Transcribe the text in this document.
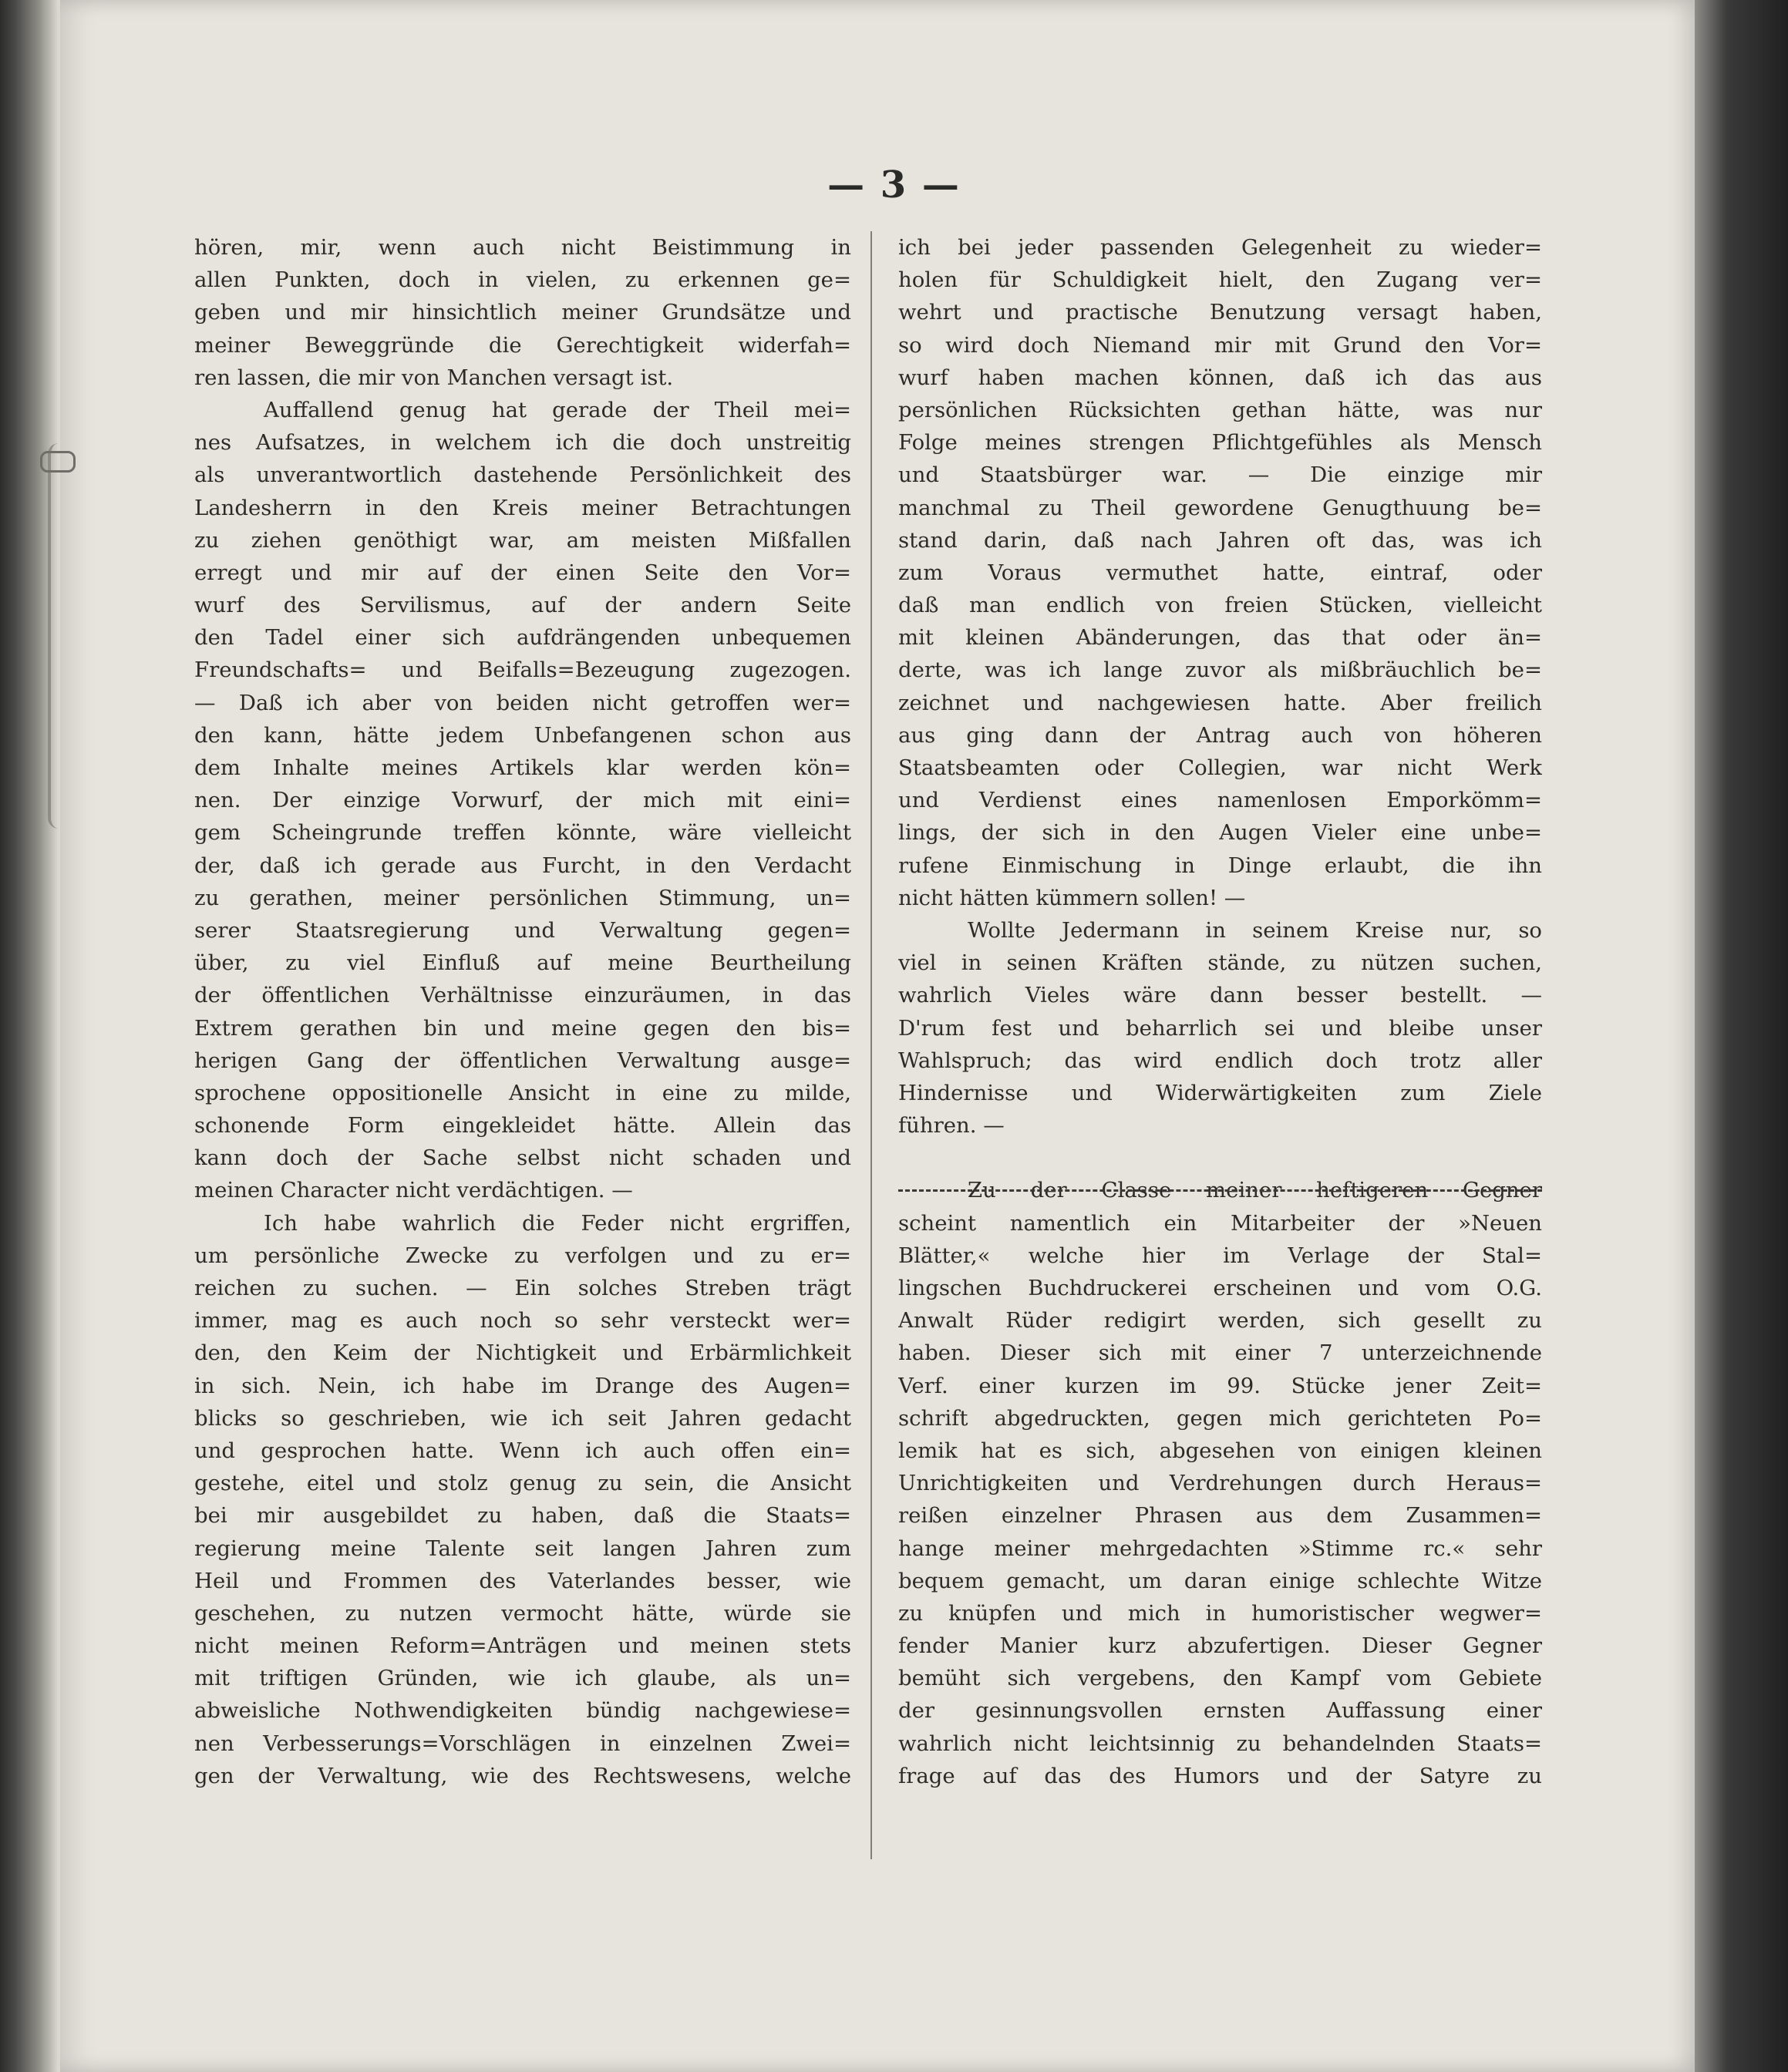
— 3 —

hören, mir, wenn auch nicht Beistimmung in

allen Punkten, doch in vielen, zu erkennen ge=

geben und mir hinsichtlich meiner Grundsätze und

meiner Beweggründe die Gerechtigkeit widerfah=

ren lassen, die mir von Manchen versagt ist.

Auffallend genug hat gerade der Theil mei=

nes Aufsatzes, in welchem ich die doch unstreitig

als unverantwortlich dastehende Persönlichkeit des

Landesherrn in den Kreis meiner Betrachtungen

zu ziehen genöthigt war, am meisten Mißfallen

erregt und mir auf der einen Seite den Vor=

wurf des Servilismus, auf der andern Seite

den Tadel einer sich aufdrängenden unbequemen

Freundschafts= und Beifalls=Bezeugung zugezogen.

— Daß ich aber von beiden nicht getroffen wer=

den kann, hätte jedem Unbefangenen schon aus

dem Inhalte meines Artikels klar werden kön=

nen. Der einzige Vorwurf, der mich mit eini=

gem Scheingrunde treffen könnte, wäre vielleicht

der, daß ich gerade aus Furcht, in den Verdacht

zu gerathen, meiner persönlichen Stimmung, un=

serer Staatsregierung und Verwaltung gegen=

über, zu viel Einfluß auf meine Beurtheilung

der öffentlichen Verhältnisse einzuräumen, in das

Extrem gerathen bin und meine gegen den bis=

herigen Gang der öffentlichen Verwaltung ausge=

sprochene oppositionelle Ansicht in eine zu milde,

schonende Form eingekleidet hätte. Allein das

kann doch der Sache selbst nicht schaden und

meinen Character nicht verdächtigen. —

Ich habe wahrlich die Feder nicht ergriffen,

um persönliche Zwecke zu verfolgen und zu er=

reichen zu suchen. — Ein solches Streben trägt

immer, mag es auch noch so sehr versteckt wer=

den, den Keim der Nichtigkeit und Erbärmlichkeit

in sich. Nein, ich habe im Drange des Augen=

blicks so geschrieben, wie ich seit Jahren gedacht

und gesprochen hatte. Wenn ich auch offen ein=

gestehe, eitel und stolz genug zu sein, die Ansicht

bei mir ausgebildet zu haben, daß die Staats=

regierung meine Talente seit langen Jahren zum

Heil und Frommen des Vaterlandes besser, wie

geschehen, zu nutzen vermocht hätte, würde sie

nicht meinen Reform=Anträgen und meinen stets

mit triftigen Gründen, wie ich glaube, als un=

abweisliche Nothwendigkeiten bündig nachgewiese=

nen Verbesserungs=Vorschlägen in einzelnen Zwei=

gen der Verwaltung, wie des Rechtswesens, welche

ich bei jeder passenden Gelegenheit zu wieder=

holen für Schuldigkeit hielt, den Zugang ver=

wehrt und practische Benutzung versagt haben,

so wird doch Niemand mir mit Grund den Vor=

wurf haben machen können, daß ich das aus

persönlichen Rücksichten gethan hätte, was nur

Folge meines strengen Pflichtgefühles als Mensch

und Staatsbürger war. — Die einzige mir

manchmal zu Theil gewordene Genugthuung be=

stand darin, daß nach Jahren oft das, was ich

zum Voraus vermuthet hatte, eintraf, oder

daß man endlich von freien Stücken, vielleicht

mit kleinen Abänderungen, das that oder än=

derte, was ich lange zuvor als mißbräuchlich be=

zeichnet und nachgewiesen hatte. Aber freilich

aus ging dann der Antrag auch von höheren

Staatsbeamten oder Collegien, war nicht Werk

und Verdienst eines namenlosen Emporkömm=

lings, der sich in den Augen Vieler eine unbe=

rufene Einmischung in Dinge erlaubt, die ihn

nicht hätten kümmern sollen! —

Wollte Jedermann in seinem Kreise nur, so

viel in seinen Kräften stände, zu nützen suchen,

wahrlich Vieles wäre dann besser bestellt. —

D'rum fest und beharrlich sei und bleibe unser

Wahlspruch; das wird endlich doch trotz aller

Hindernisse und Widerwärtigkeiten zum Ziele

führen. —

Zu der Classe meiner heftigeren Gegner

scheint namentlich ein Mitarbeiter der »Neuen

Blätter,« welche hier im Verlage der Stal=

lingschen Buchdruckerei erscheinen und vom O.G.

Anwalt Rüder redigirt werden, sich gesellt zu

haben. Dieser sich mit einer 7 unterzeichnende

Verf. einer kurzen im 99. Stücke jener Zeit=

schrift abgedruckten, gegen mich gerichteten Po=

lemik hat es sich, abgesehen von einigen kleinen

Unrichtigkeiten und Verdrehungen durch Heraus=

reißen einzelner Phrasen aus dem Zusammen=

hange meiner mehrgedachten »Stimme rc.« sehr

bequem gemacht, um daran einige schlechte Witze

zu knüpfen und mich in humoristischer wegwer=

fender Manier kurz abzufertigen. Dieser Gegner

bemüht sich vergebens, den Kampf vom Gebiete

der gesinnungsvollen ernsten Auffassung einer

wahrlich nicht leichtsinnig zu behandelnden Staats=

frage auf das des Humors und der Satyre zu
